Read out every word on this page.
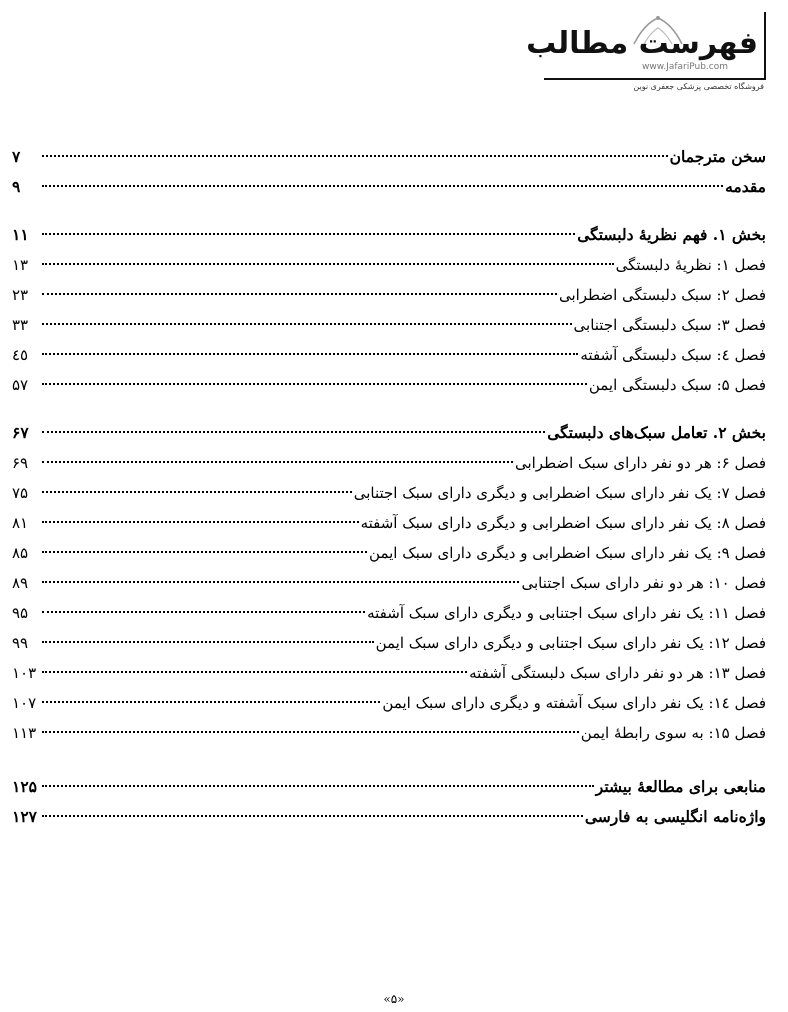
فهرست مطالب
www.JafariPub.com
فروشگاه تخصصی پزشکی جعفری نوین
سخن مترجمان
۷
مقدمه
۹
بخش ۱. فهم نظریهٔ دلبستگی
۱۱
فصل ۱: نظریهٔ دلبستگی
۱۳
فصل ۲: سبک دلبستگی اضطرابی
۲۳
فصل ۳: سبک دلبستگی اجتنابی
۳۳
فصل ٤: سبک دلبستگی آشفته
٤٥
فصل ۵: سبک دلبستگی ایمن
۵۷
بخش ۲. تعامل سبک‌های دلبستگی
۶۷
فصل ۶: هر دو نفر دارای سبک اضطرابی
۶۹
فصل ۷: یک نفر دارای سبک اضطرابی و دیگری دارای سبک اجتنابی
۷۵
فصل ۸: یک نفر دارای سبک اضطرابی و دیگری دارای سبک آشفته
۸۱
فصل ۹: یک نفر دارای سبک اضطرابی و دیگری دارای سبک ایمن
۸۵
فصل ۱۰: هر دو نفر دارای سبک اجتنابی
۸۹
فصل ۱۱: یک نفر دارای سبک اجتنابی و دیگری دارای سبک آشفته
۹۵
فصل ۱۲: یک نفر دارای سبک اجتنابی و دیگری دارای سبک ایمن
۹۹
فصل ۱۳: هر دو نفر دارای سبک دلبستگی آشفته
۱۰۳
فصل ۱٤: یک نفر دارای سبک آشفته و دیگری دارای سبک ایمن
۱۰۷
فصل ۱۵: به سوی رابطهٔ ایمن
۱۱۳
منابعی برای مطالعهٔ بیشتر
۱۲۵
واژه‌نامه انگلیسی به فارسی
۱۲۷
«۵»
